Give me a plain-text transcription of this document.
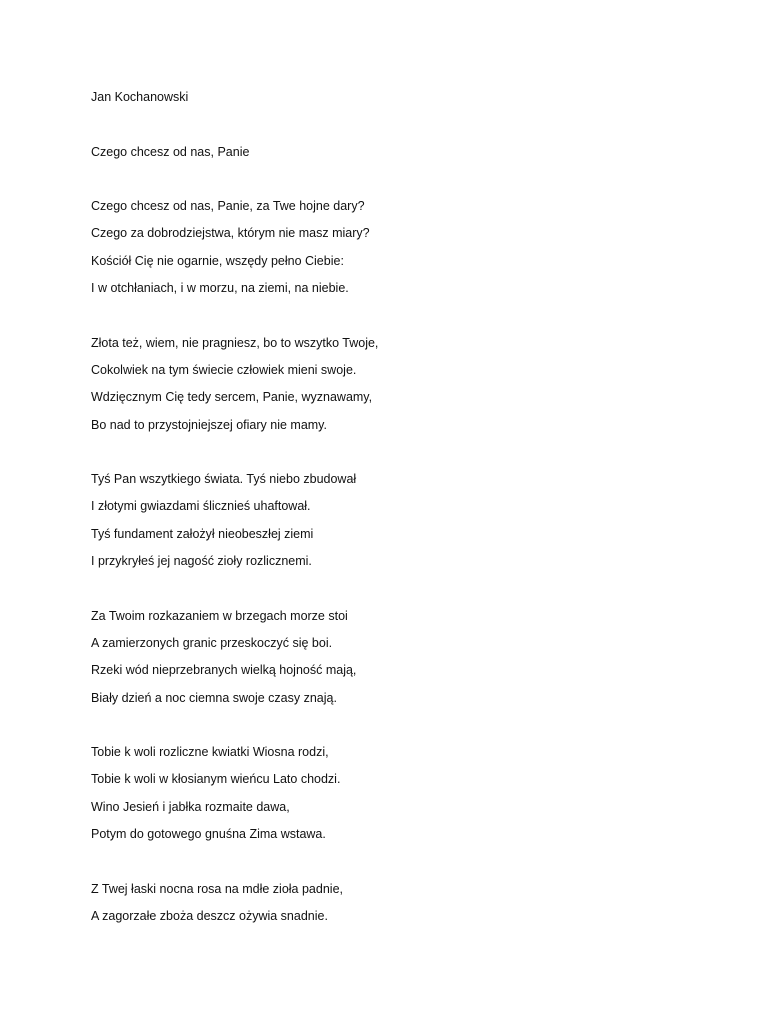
Jan Kochanowski
Czego chcesz od nas, Panie
Czego chcesz od nas, Panie, za Twe hojne dary?
Czego za dobrodziejstwa, którym nie masz miary?
Kościół Cię nie ogarnie, wszędy pełno Ciebie:
I w otchłaniach, i w morzu, na ziemi, na niebie.
Złota też, wiem, nie pragniesz, bo to wszytko Twoje,
Cokolwiek na tym świecie człowiek mieni swoje.
Wdzięcznym Cię tedy sercem, Panie, wyznawamy,
Bo nad to przystojniejszej ofiary nie mamy.
Tyś Pan wszytkiego świata. Tyś niebo zbudował
I złotymi gwiazdami ślicznieś uhaftował.
Tyś fundament założył nieobeszłej ziemi
I przykryłeś jej nagość zioły rozlicznemi.
Za Twoim rozkazaniem w brzegach morze stoi
A zamierzonych granic przeskoczyć się boi.
Rzeki wód nieprzebranych wielką hojność mają,
Biały dzień a noc ciemna swoje czasy znają.
Tobie k woli rozliczne kwiatki Wiosna rodzi,
Tobie k woli w kłosianym wieńcu Lato chodzi.
Wino Jesień i jabłka rozmaite dawa,
Potym do gotowego gnuśna Zima wstawa.
Z Twej łaski nocna rosa na mdłe zioła padnie,
A zagorzałe zboża deszcz ożywia snadnie.
